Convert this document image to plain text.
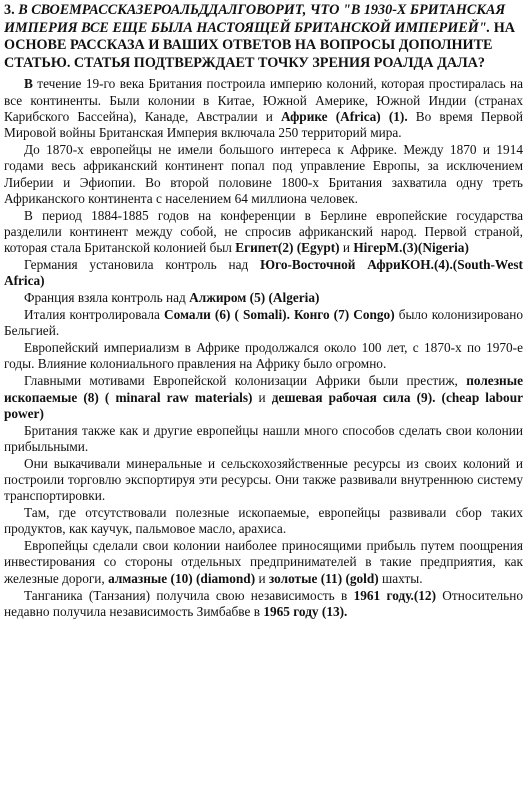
3. В СВОЕМРАССКАЗЕРОАЛЬДДАЛГОВОРИТ, ЧТО "В 1930-Х БРИТАНСКАЯ ИМПЕРИЯ ВСЕ ЕЩЕ БЫЛА НАСТОЯЩЕЙ БРИТАНСКОЙ ИМПЕРИЕЙ". НА ОСНОВЕ РАССКАЗА И ВАШИХ ОТВЕТОВ НА ВОПРОСЫ ДОПОЛНИТЕ СТАТЬЮ. СТАТЬЯ ПОДТВЕРЖДАЕТ ТОЧКУ ЗРЕНИЯ РОАЛДА ДАЛА?

В течение 19-го века Британия построила империю колоний, которая простиралась на все континенты. Были колонии в Китае, Южной Америке, Южной Индии (странах Карибского Бассейна), Канаде, Австралии и Африке (Africa) (1). Во время Первой Мировой войны Британская Империя включала 250 территорий мира.

До 1870-х европейцы не имели большого интереса к Африке. Между 1870 и 1914 годами весь африканский континент попал под управление Европы, за исключением Либерии и Эфиопии. Во второй половине 1800-х Британия захватила одну треть Африканского континента с населением 64 миллиона человек.

В период 1884-1885 годов на конференции в Берлине европейские государства разделили континент между собой, не спросив африканский народ. Первой страной, которая стала Британской колонией был Египет(2) (Egypt) и НігерМ.(3)(Nigeria)

Германия установила контроль над Юго-Восточной АфриКОН.(4).(South-West Africa)

Франция взяла контроль над Алжиром (5) (Algeria)

Италия контролировала Сомали (6) ( Somali). Конго (7) Congo) было колонизировано Бельгией.

Европейский империализм в Африке продолжался около 100 лет, с 1870-х по 1970-е годы. Влияние колониального правления на Африку было огромно.

Главными мотивами Европейской колонизации Африки были престиж, полезные ископаемые (8) ( minaral raw materials) и дешевая рабочая сила (9). (cheap labour power)

Британия также как и другие европейцы нашли много способов сделать свои колонии прибыльными.

Они выкачивали минеральные и сельскохозяйственные ресурсы из своих колоний и построили торговлю экспортируя эти ресурсы. Они также развивали внутреннюю систему транспортировки.

Там, где отсутствовали полезные ископаемые, европейцы развивали сбор таких продуктов, как каучук, пальмовое масло, арахиса.

Европейцы сделали свои колонии наиболее приносящими прибыль путем поощрения инвестирования со стороны отдельных предпринимателей в такие предприятия, как железные дороги, алмазные (10) (diamond) и золотые (11) (gold) шахты.

Танганика (Танзания) получила свою независимость в 1961 году.(12) Относительно недавно получила независимость Зимбабве в 1965 году (13).
